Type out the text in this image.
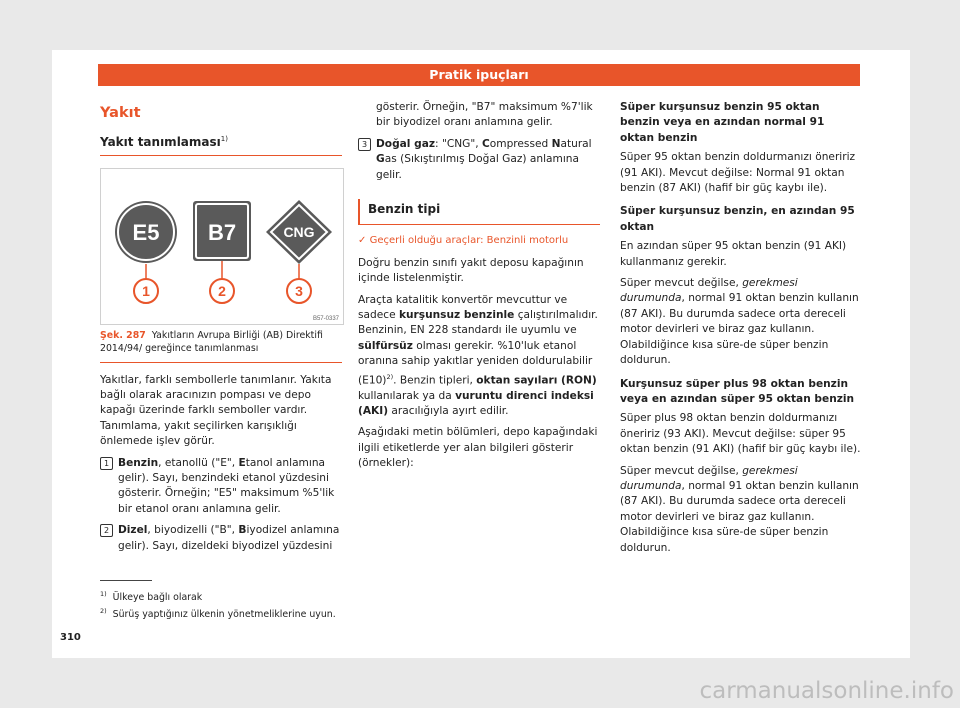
Pratik ipuçları
Yakıt
Yakıt tanımlaması$^{1)}$
E5 B7	CNG
1	2	3
B57-0337
Şek. 287 Yakıtların Avrupa Birliği (AB) Direktifi 2014/94/ gereğince tanımlanması

Yakıtlar, farklı sembollerle tanımlanır. Yakıta bağlı olarak aracınızın pompası ve depo kapağı üzerinde farklı semboller vardır. Tanımlama, yakıt seçilirken karışıklığı önlemede işlev görür.

1 Benzin, etanollü ("E", Etanol anlamına gelir). Sayı, benzindeki etanol yüzdesini gösterir. Örneğin; "E5" maksimum %5'lik bir etanol oranı anlamına gelir.
2 Dizel, biyodizelli ("B", Biyodizel anlamına gelir). Sayı, dizeldeki biyodizel yüzdesini

gösterir. Örneğin, "B7" maksimum %7'lik bir biyodizel oranı anlamına gelir.

3 Doğal gaz: "CNG", Compressed Natural Gas (Sıkıştırılmış Doğal Gaz) anlamına gelir.
Benzin tipi
✓ Geçerli olduğu araçlar: Benzinli motorlu

Doğru benzin sınıfı yakıt deposu kapağının içinde listelenmiştir.

Araçta katalitik konvertör mevcuttur ve sadece kurşunsuz benzinle çalıştırılmalıdır. Benzinin, EN 228 standardı ile uyumlu ve sülfürsüz olması gerekir. %10'luk etanol oranına sahip yakıtlar yeniden doldurulabilir $(E10)^{2)}$. Benzin tipleri, oktan sayıları (RON) kullanılarak ya da vuruntu direnci indeksi (AKI) aracılığıyla ayırt edilir.

Aşağıdaki metin bölümleri, depo kapağındaki ilgili etiketlerde yer alan bilgileri gösterir (örnekler):

Süper kurşunsuz benzin 95 oktan benzin veya en azından normal 91 oktan benzin

Süper 95 oktan benzin doldurmanızı öneririz (91 AKI). Mevcut değilse: Normal 91 oktan benzin (87 AKI) (hafif bir güç kaybı ile).

Süper kurşunsuz benzin, en azından 95 oktan

En azından süper 95 oktan benzin (91 AKI) kullanmanız gerekir.

Süper mevcut değilse, gerekmesi durumunda, normal 91 oktan benzin kullanın (87 AKI). Bu durumda sadece orta dereceli motor devirleri ve biraz gaz kullanın. Olabildiğince kısa süre-de süper benzin doldurun.

Kurşunsuz süper plus 98 oktan benzin veya en azından süper 95 oktan benzin

Süper plus 98 oktan benzin doldurmanızı öneririz (93 AKI). Mevcut değilse: süper 95 oktan benzin (91 AKI) (hafif bir güç kaybı ile).

Süper mevcut değilse, gerekmesi durumunda, normal 91 oktan benzin kullanın (87 AKI). Bu durumda sadece orta dereceli motor devirleri ve biraz gaz kullanın. Olabildiğince kısa süre-de süper benzin doldurun.

$^{1)}$ Ülkeye bağlı olarak
$^{2)}$ Sürüş yaptığınız ülkenin yönetmeliklerine uyun.
310
carmanualsonline.info
